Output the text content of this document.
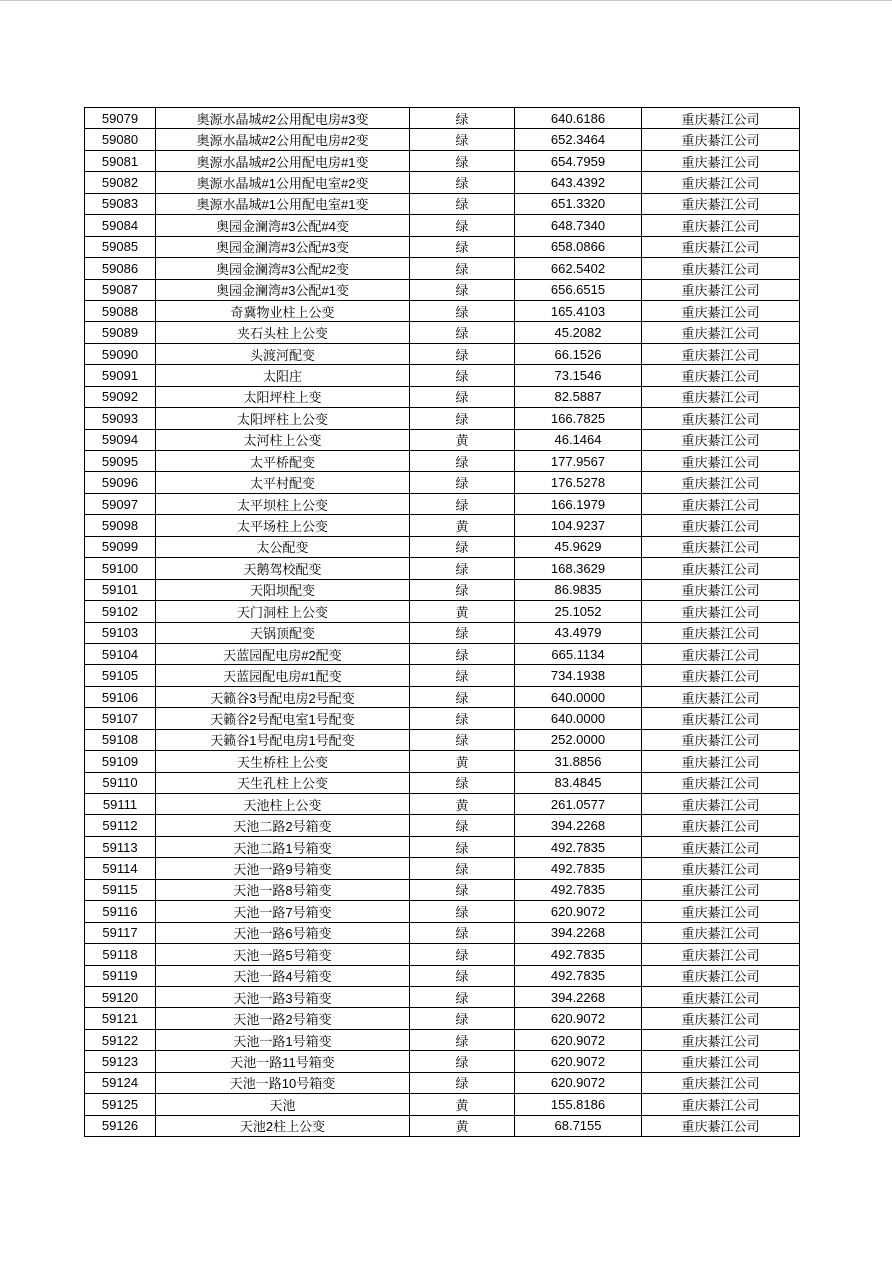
59079	奥源水晶城#2公用配电房#3变	绿	640.6186	重庆綦江公司
59080	奥源水晶城#2公用配电房#2变	绿	652.3464	重庆綦江公司
59081	奥源水晶城#2公用配电房#1变	绿	654.7959	重庆綦江公司
59082	奥源水晶城#1公用配电室#2变	绿	643.4392	重庆綦江公司
59083	奥源水晶城#1公用配电室#1变	绿	651.3320	重庆綦江公司
59084	奥园金澜湾#3公配#4变	绿	648.7340	重庆綦江公司
59085	奥园金澜湾#3公配#3变	绿	658.0866	重庆綦江公司
59086	奥园金澜湾#3公配#2变	绿	662.5402	重庆綦江公司
59087	奥园金澜湾#3公配#1变	绿	656.6515	重庆綦江公司
59088	奇冀物业柱上公变	绿	165.4103	重庆綦江公司
59089	夹石头柱上公变	绿	45.2082	重庆綦江公司
59090	头渡河配变	绿	66.1526	重庆綦江公司
59091	太阳庄	绿	73.1546	重庆綦江公司
59092	太阳坪柱上变	绿	82.5887	重庆綦江公司
59093	太阳坪柱上公变	绿	166.7825	重庆綦江公司
59094	太河柱上公变	黄	46.1464	重庆綦江公司
59095	太平桥配变	绿	177.9567	重庆綦江公司
59096	太平村配变	绿	176.5278	重庆綦江公司
59097	太平坝柱上公变	绿	166.1979	重庆綦江公司
59098	太平场柱上公变	黄	104.9237	重庆綦江公司
59099	太公配变	绿	45.9629	重庆綦江公司
59100	天鹅驾校配变	绿	168.3629	重庆綦江公司
59101	天阳坝配变	绿	86.9835	重庆綦江公司
59102	天门洞柱上公变	黄	25.1052	重庆綦江公司
59103	天锅顶配变	绿	43.4979	重庆綦江公司
59104	天蓝园配电房#2配变	绿	665.1134	重庆綦江公司
59105	天蓝园配电房#1配变	绿	734.1938	重庆綦江公司
59106	天籁谷3号配电房2号配变	绿	640.0000	重庆綦江公司
59107	天籁谷2号配电室1号配变	绿	640.0000	重庆綦江公司
59108	天籁谷1号配电房1号配变	绿	252.0000	重庆綦江公司
59109	天生桥柱上公变	黄	31.8856	重庆綦江公司
59110	天生孔柱上公变	绿	83.4845	重庆綦江公司
59111	天池柱上公变	黄	261.0577	重庆綦江公司
59112	天池二路2号箱变	绿	394.2268	重庆綦江公司
59113	天池二路1号箱变	绿	492.7835	重庆綦江公司
59114	天池一路9号箱变	绿	492.7835	重庆綦江公司
59115	天池一路8号箱变	绿	492.7835	重庆綦江公司
59116	天池一路7号箱变	绿	620.9072	重庆綦江公司
59117	天池一路6号箱变	绿	394.2268	重庆綦江公司
59118	天池一路5号箱变	绿	492.7835	重庆綦江公司
59119	天池一路4号箱变	绿	492.7835	重庆綦江公司
59120	天池一路3号箱变	绿	394.2268	重庆綦江公司
59121	天池一路2号箱变	绿	620.9072	重庆綦江公司
59122	天池一路1号箱变	绿	620.9072	重庆綦江公司
59123	天池一路11号箱变	绿	620.9072	重庆綦江公司
59124	天池一路10号箱变	绿	620.9072	重庆綦江公司
59125	天池	黄	155.8186	重庆綦江公司
59126	天池2柱上公变	黄	68.7155	重庆綦江公司
